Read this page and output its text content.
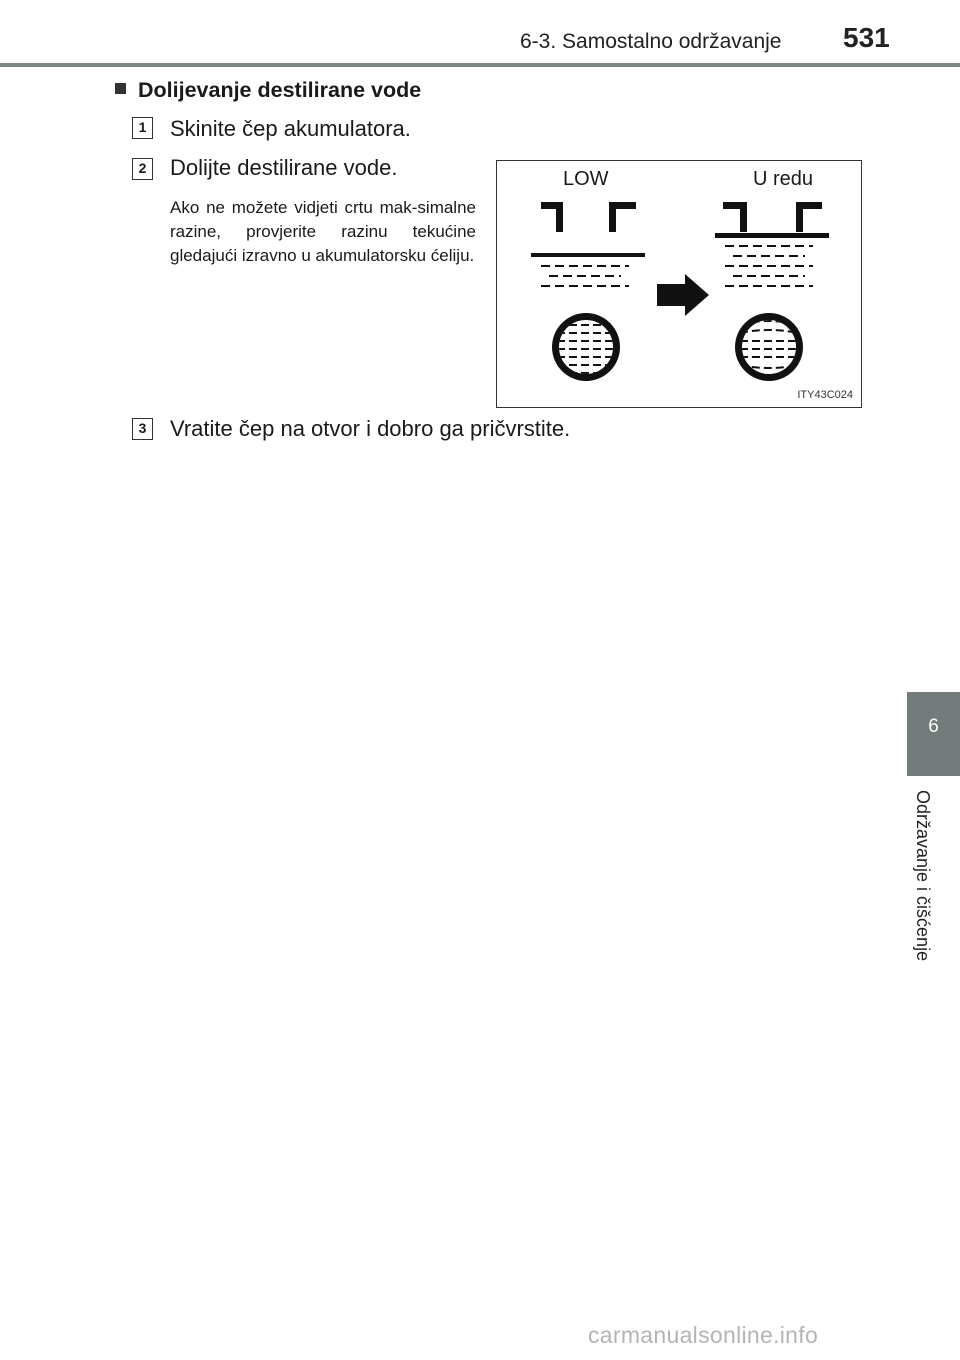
6-3. Samostalno održavanje	531
Dolijevanje destilirane vode
1	Skinite čep akumulatora.
2	Dolijte destilirane vode.
Ako ne možete vidjeti crtu mak-simalne razine, provjerite razinu tekućine gledajući izravno u akumulatorsku ćeliju.
LOW	U redu
ITY43C024
3	Vratite čep na otvor i dobro ga pričvrstite.
6
Održavanje i čišćenje
carmanualsonline.info
